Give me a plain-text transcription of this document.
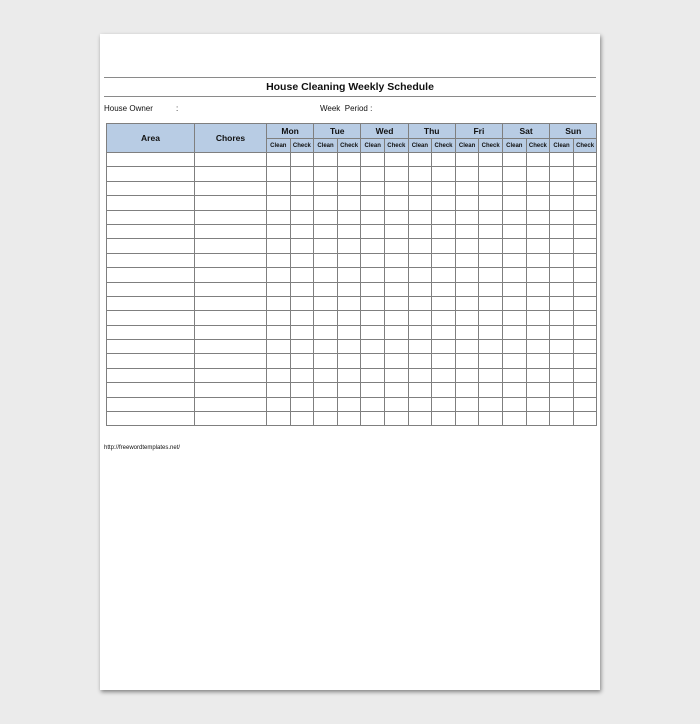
House Cleaning Weekly Schedule
House Owner	:	Week  Period :
Area	Chores	Mon		Tue		Wed		Thu		Fri		Sat		Sun	
		Clean	Check	Clean	Check	Clean	Check	Clean	Check	Clean	Check	Clean	Check	Clean	Check

http://freewordtemplates.net/
